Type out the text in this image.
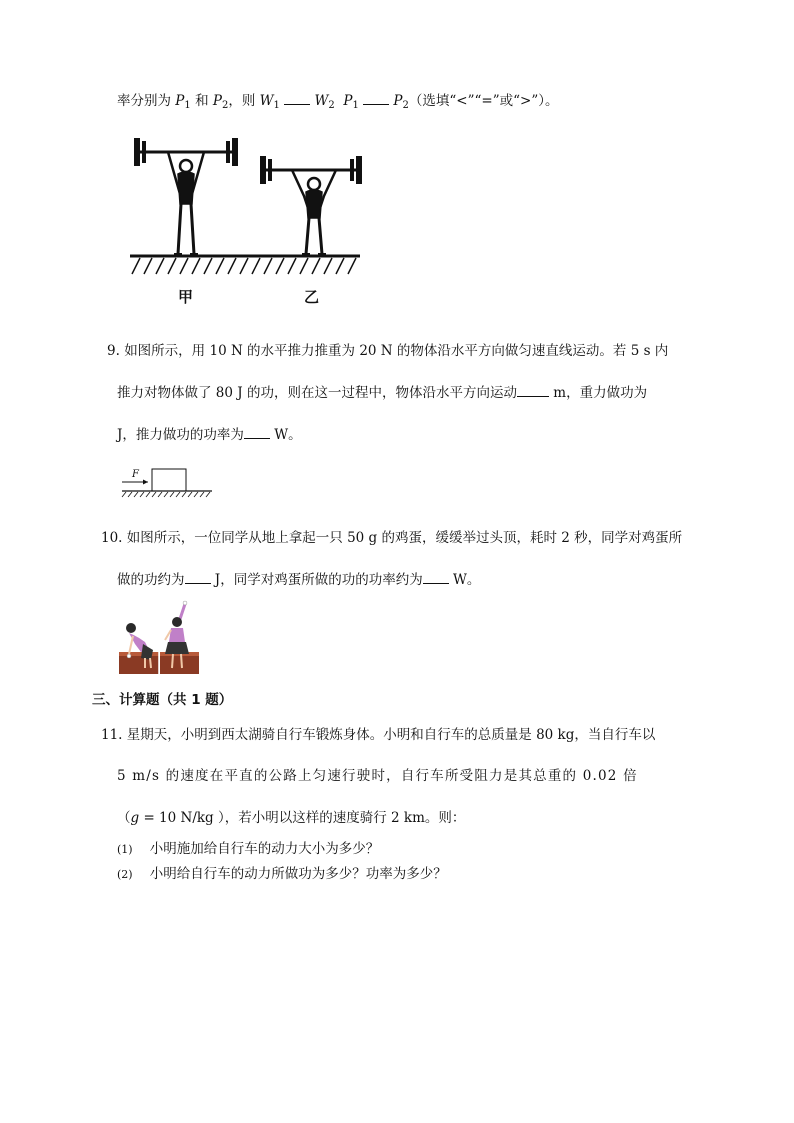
率分别为 $P_1$ 和 $P_2$，则 $W_1$	$W_2$ $P_1$	$P_2$（选填“<”“=”或“>”）。
甲	乙
9. 如图所示，用 10 N 的水平推力推重为 20 N 的物体沿水平方向做匀速直线运动。若 5 s 内
推力对物体做了 80 J 的功，则在这一过程中，物体沿水平方向运动	m，重力做功为
J，推力做功的功率为 W。
F
10. 如图所示，一位同学从地上拿起一只 50 g 的鸡蛋，缓缓举过头顶，耗时 2 秒，同学对鸡蛋所
做的功约为 J，同学对鸡蛋所做的功的功率约为 W。
三、计算题（共 1 题）
11. 星期天，小明到西太湖骑自行车锻炼身体。小明和自行车的总质量是 80 kg，当自行车以
5 m/s 的速度在平直的公路上匀速行驶时，自行车所受阻力是其总重的 0.02 倍
（g = 10 N/kg ），若小明以这样的速度骑行 2 km。则：
(1) 小明施加给自行车的动力大小为多少？
(2) 小明给自行车的动力所做功为多少？功率为多少？
